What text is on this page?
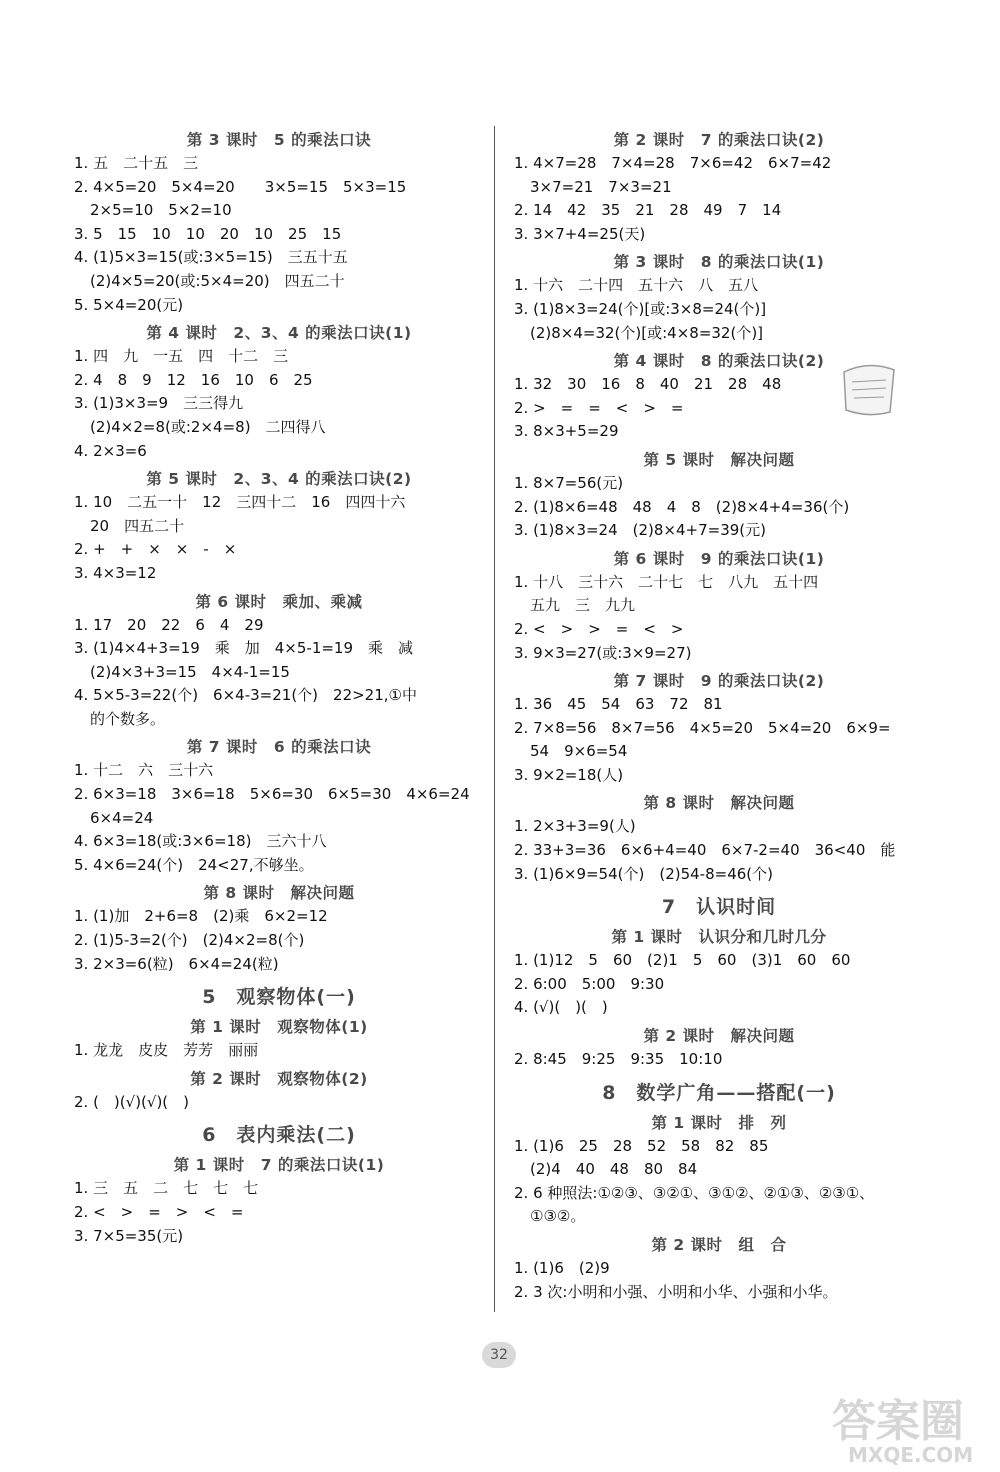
第 3 课时　5 的乘法口诀
1. 五　二十五　三
2. 4×5=20　5×4=20　　3×5=15　5×3=15
2×5=10　5×2=10
3. 5　15　10　10　20　10　25　15
4. (1)5×3=15(或:3×5=15)　三五十五
(2)4×5=20(或:5×4=20)　四五二十
5. 5×4=20(元)
第 4 课时　2、3、4 的乘法口诀(1)
1. 四　九　一五　四　十二　三
2. 4　8　9　12　16　10　6　25
3. (1)3×3=9　三三得九
(2)4×2=8(或:2×4=8)　二四得八
4. 2×3=6
第 5 课时　2、3、4 的乘法口诀(2)
1. 10　二五一十　12　三四十二　16　四四十六
20　四五二十
2. +　+　×　×　-　×
3. 4×3=12
第 6 课时　乘加、乘减
1. 17　20　22　6　4　29
3. (1)4×4+3=19　乘　加　4×5-1=19　乘　减
(2)4×3+3=15　4×4-1=15
4. 5×5-3=22(个)　6×4-3=21(个)　22>21,①中
的个数多。
第 7 课时　6 的乘法口诀
1. 十二　六　三十六
2. 6×3=18　3×6=18　5×6=30　6×5=30　4×6=24
6×4=24
4. 6×3=18(或:3×6=18)　三六十八
5. 4×6=24(个)　24<27,不够坐。
第 8 课时　解决问题
1. (1)加　2+6=8　(2)乘　6×2=12
2. (1)5-3=2(个)　(2)4×2=8(个)
3. 2×3=6(粒)　6×4=24(粒)
5　观察物体(一)
第 1 课时　观察物体(1)
1. 龙龙　皮皮　芳芳　丽丽
第 2 课时　观察物体(2)
2. (　)(√)(√)(　)
6　表内乘法(二)
第 1 课时　7 的乘法口诀(1)
1. 三　五　二　七　七　七
2. <　>　=　>　<　=
3. 7×5=35(元)
第 2 课时　7 的乘法口诀(2)
1. 4×7=28　7×4=28　7×6=42　6×7=42
3×7=21　7×3=21
2. 14　42　35　21　28　49　7　14
3. 3×7+4=25(天)
第 3 课时　8 的乘法口诀(1)
1. 十六　二十四　五十六　八　五八
3. (1)8×3=24(个)[或:3×8=24(个)]
(2)8×4=32(个)[或:4×8=32(个)]
第 4 课时　8 的乘法口诀(2)
1. 32　30　16　8　40　21　28　48
2. >　=　=　<　>　=
3. 8×3+5=29
第 5 课时　解决问题
1. 8×7=56(元)
2. (1)8×6=48　48　4　8　(2)8×4+4=36(个)
3. (1)8×3=24　(2)8×4+7=39(元)
第 6 课时　9 的乘法口诀(1)
1. 十八　三十六　二十七　七　八九　五十四
五九　三　九九
2. <　>　>　=　<　>
3. 9×3=27(或:3×9=27)
第 7 课时　9 的乘法口诀(2)
1. 36　45　54　63　72　81
2. 7×8=56　8×7=56　4×5=20　5×4=20　6×9=
54　9×6=54
3. 9×2=18(人)
第 8 课时　解决问题
1. 2×3+3=9(人)
2. 33+3=36　6×6+4=40　6×7-2=40　36<40　能
3. (1)6×9=54(个)　(2)54-8=46(个)
7　认识时间
第 1 课时　认识分和几时几分
1. (1)12　5　60　(2)1　5　60　(3)1　60　60
2. 6:00　5:00　9:30
4. (√)(　)(　)
第 2 课时　解决问题
2. 8:45　9:25　9:35　10:10
8　数学广角——搭配(一)
第 1 课时　排　列
1. (1)6　25　28　52　58　82　85
(2)4　40　48　80　84
2. 6 种照法:①②③、③②①、③①②、②①③、②③①、
①③②。
第 2 课时　组　合
1. (1)6　(2)9
2. 3 次:小明和小强、小明和小华、小强和小华。
32
答案圈
MXQE.COM
